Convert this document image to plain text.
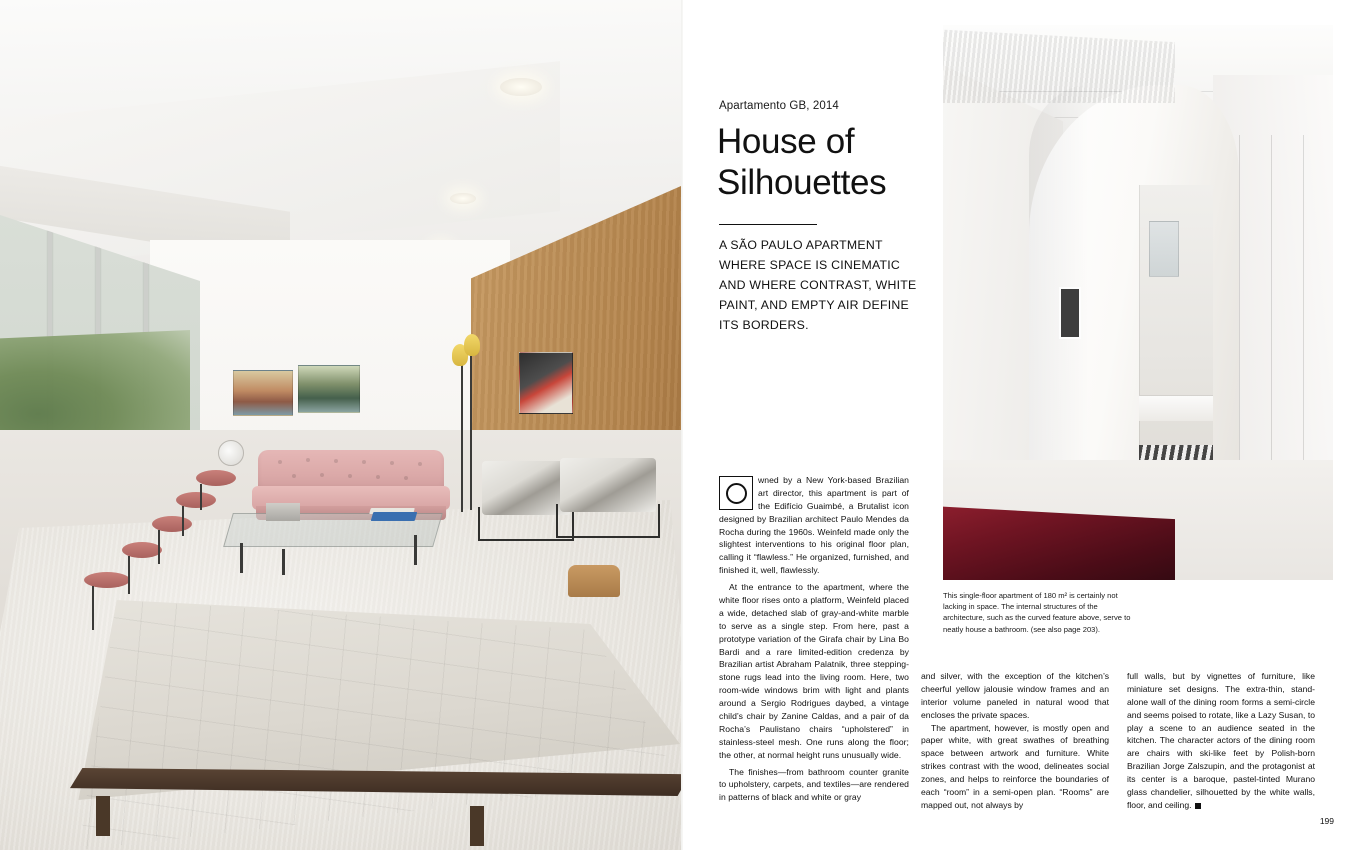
Apartamento GB, 2014
House of
Silhouettes
A SÃO PAULO APARTMENT WHERE SPACE IS CINEMATIC AND WHERE CONTRAST, WHITE PAINT, AND EMPTY AIR DEFINE ITS BORDERS.

wned by a New York-based Brazilian art director, this apartment is part of the Edifício Guaimbé, a Brutalist icon designed by Brazilian architect Paulo Mendes da Rocha during the 1960s. Weinfeld made only the slightest interventions to his original floor plan, calling it “flawless.” He organized, furnished, and finished it, well, flawlessly.

At the entrance to the apartment, where the white floor rises onto a platform, Weinfeld placed a wide, detached slab of gray-and-white marble to serve as a single step. From here, past a prototype variation of the Girafa chair by Lina Bo Bardi and a rare limited-edition credenza by Brazilian artist Abraham Palatnik, three stepping-stone rugs lead into the living room. Here, two room-wide windows brim with light and plants around a Sergio Rodrigues daybed, a vintage child’s chair by Zanine Caldas, and a pair of da Rocha’s Paulistano chairs “upholstered” in stainless-steel mesh. One runs along the floor; the other, at normal height runs unusually wide.

The finishes—from bathroom counter granite to upholstery, carpets, and textiles—are rendered in patterns of black and white or gray

This single-floor apartment of 180 m² is certainly not lacking in space. The internal structures of the architecture, such as the curved feature above, serve to neatly house a bathroom. (see also page 203).

and silver, with the exception of the kitchen’s cheerful yellow jalousie window frames and an interior volume paneled in natural wood that encloses the private spaces.

The apartment, however, is mostly open and paper white, with great swathes of breathing space between artwork and furniture. White strikes contrast with the wood, delineates social zones, and helps to reinforce the boundaries of each “room” in a semi-open plan. “Rooms” are mapped out, not always by

full walls, but by vignettes of furniture, like miniature set designs. The extra-thin, stand-alone wall of the dining room forms a semi-circle and seems poised to rotate, like a Lazy Susan, to play a scene to an audience seated in the kitchen. The character actors of the dining room are chairs with ski-like feet by Polish-born Brazilian Jorge Zalszupin, and the protagonist at its center is a baroque, pastel-tinted Murano glass chandelier, silhouetted by the white walls, floor, and ceiling.

199
